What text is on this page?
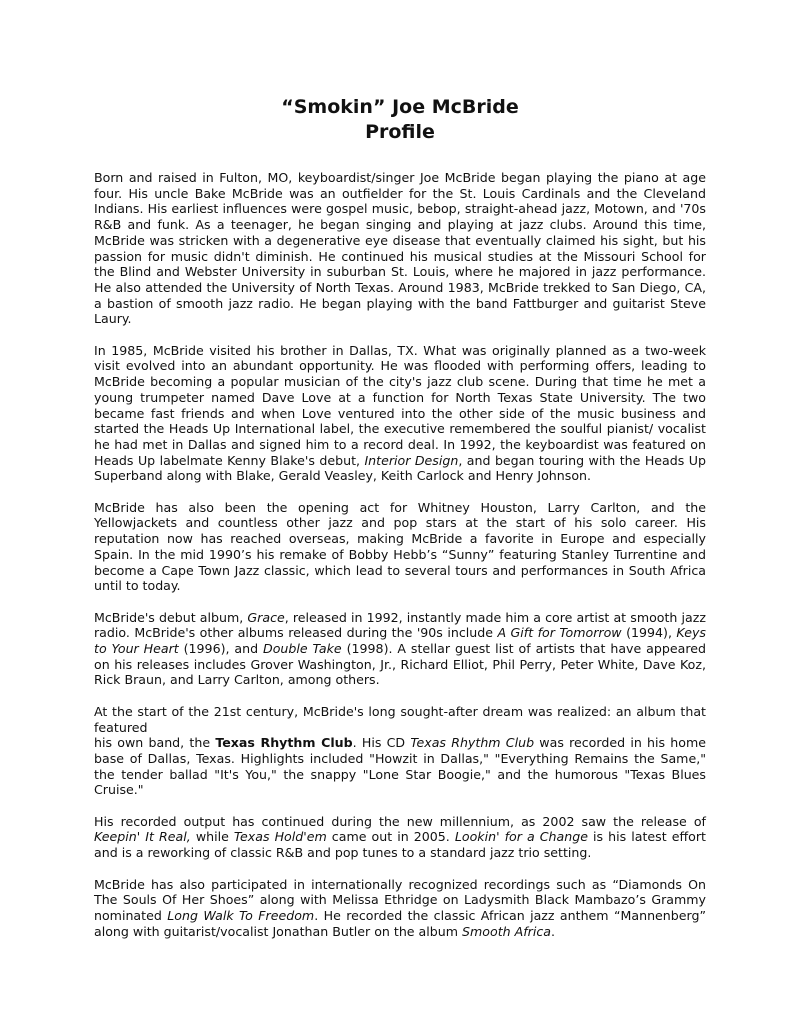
“Smokin” Joe McBride
Profile

Born and raised in Fulton, MO, keyboardist/singer Joe McBride began playing the piano at age four. His uncle Bake McBride was an outfielder for the St. Louis Cardinals and the Cleveland Indians. His earliest influences were gospel music, bebop, straight-ahead jazz, Motown, and '70s R&B and funk. As a teenager, he began singing and playing at jazz clubs. Around this time, McBride was stricken with a degenerative eye disease that eventually claimed his sight, but his passion for music didn't diminish. He continued his musical studies at the Missouri School for the Blind and Webster University in suburban St. Louis, where he majored in jazz performance. He also attended the University of North Texas. Around 1983, McBride trekked to San Diego, CA, a bastion of smooth jazz radio. He began playing with the band Fattburger and guitarist Steve Laury.

In 1985, McBride visited his brother in Dallas, TX. What was originally planned as a two-week visit evolved into an abundant opportunity. He was flooded with performing offers, leading to McBride becoming a popular musician of the city's jazz club scene. During that time he met a young trumpeter named Dave Love at a function for North Texas State University. The two became fast friends and when Love ventured into the other side of the music business and started the Heads Up International label, the executive remembered the soulful pianist/ vocalist he had met in Dallas and signed him to a record deal. In 1992, the keyboardist was featured on Heads Up labelmate Kenny Blake's debut, Interior Design, and began touring with the Heads Up Superband along with Blake, Gerald Veasley, Keith Carlock and Henry Johnson.

McBride has also been the opening act for Whitney Houston, Larry Carlton, and the Yellowjackets and countless other jazz and pop stars at the start of his solo career. His reputation now has reached overseas, making McBride a favorite in Europe and especially Spain. In the mid 1990’s his remake of Bobby Hebb’s “Sunny” featuring Stanley Turrentine and become a Cape Town Jazz classic, which lead to several tours and performances in South Africa until to today.

McBride's debut album, Grace, released in 1992, instantly made him a core artist at smooth jazz radio. McBride's other albums released during the '90s include A Gift for Tomorrow (1994), Keys to Your Heart (1996), and Double Take (1998). A stellar guest list of artists that have appeared on his releases includes Grover Washington, Jr., Richard Elliot, Phil Perry, Peter White, Dave Koz, Rick Braun, and Larry Carlton, among others.

At the start of the 21st century, McBride's long sought-after dream was realized: an album that featured
his own band, the Texas Rhythm Club. His CD Texas Rhythm Club was recorded in his home base of Dallas, Texas. Highlights included "Howzit in Dallas," "Everything Remains the Same," the tender ballad "It's You," the snappy "Lone Star Boogie," and the humorous "Texas Blues Cruise."

His recorded output has continued during the new millennium, as 2002 saw the release of Keepin' It Real, while Texas Hold'em came out in 2005. Lookin' for a Change is his latest effort and is a reworking of classic R&B and pop tunes to a standard jazz trio setting.

McBride has also participated in internationally recognized recordings such as “Diamonds On The Souls Of Her Shoes” along with Melissa Ethridge on Ladysmith Black Mambazo’s Grammy nominated Long Walk To Freedom. He recorded the classic African jazz anthem “Mannenberg” along with guitarist/vocalist Jonathan Butler on the album Smooth Africa.
